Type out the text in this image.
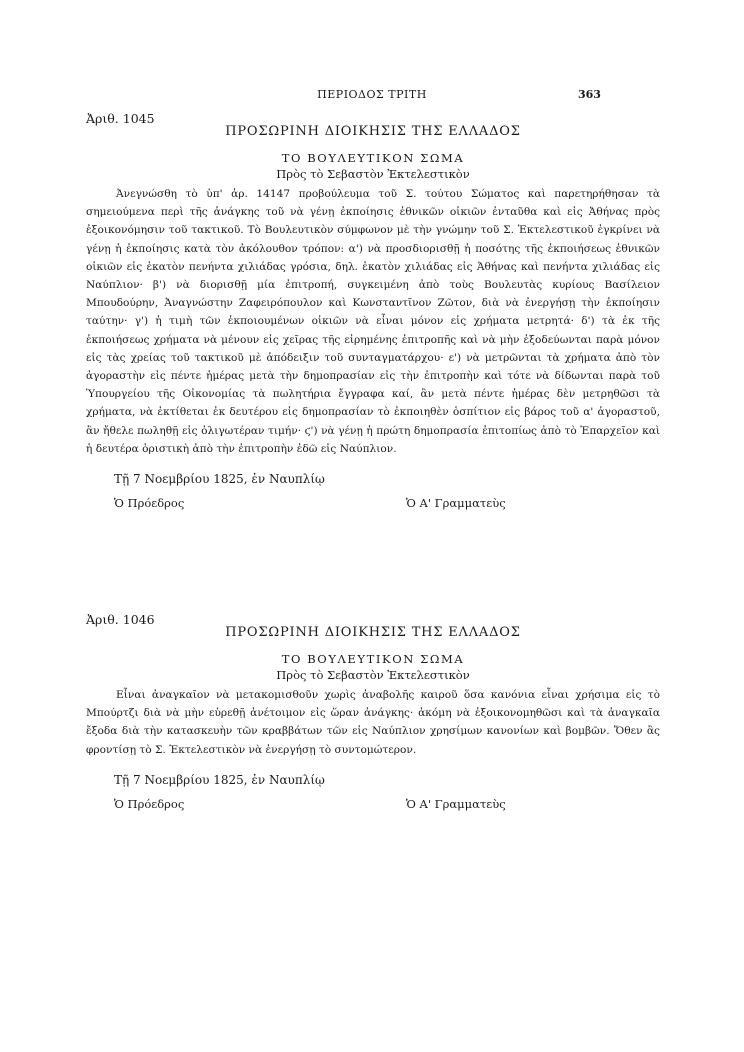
ΠΕΡΙΟΔΟΣ ΤΡΙΤΗ	363
Ἀριθ. 1045
ΠΡΟΣΩΡΙΝΗ ΔΙΟΙΚΗΣΙΣ ΤΗΣ ΕΛΛΑΔΟΣ
ΤΟ ΒΟΥΛΕΥΤΙΚΟΝ ΣΩΜΑ
Πρὸς τὸ Σεβαστὸν Ἐκτελεστικὸν
Ἀνεγνώσθη τὸ ὑπ' ἀρ. 14147 προβούλευμα τοῦ Σ. τούτου Σώματος καὶ παρετηρήθησαν τὰ σημειούμενα περὶ τῆς ἀνάγκης τοῦ νὰ γένῃ ἐκποίησις ἐθνικῶν οἰκιῶν ἐνταῦθα καὶ εἰς Ἀθήνας πρὸς ἐξοικονόμησιν τοῦ τακτικοῦ. Τὸ Βουλευτικὸν σύμφωνον μὲ τὴν γνώμην τοῦ Σ. Ἐκτελεστικοῦ ἐγκρίνει νὰ γένῃ ἡ ἐκποίησις κατὰ τὸν ἀκόλουθον τρόπον: α') νὰ προσδιορισθῇ ἡ ποσότης τῆς ἐκποιήσεως ἐθνικῶν οἰκιῶν εἰς ἑκατὸν πενήντα χιλιάδας γρόσια, δηλ. ἑκατὸν χιλιάδας εἰς Ἀθήνας καὶ πενήντα χιλιάδας εἰς Ναύπλιον· β') νὰ διορισθῇ μία ἐπιτροπή, συγκειμένη ἀπὸ τοὺς Βουλευτὰς κυρίους Βασίλειον Μπουδούρην, Ἀναγνώστην Ζαφειρόπουλον καὶ Κωνσταντῖνον Ζῶτον, διὰ νὰ ἐνεργήσῃ τὴν ἐκποίησιν ταύτην· γ') ἡ τιμὴ τῶν ἐκποιουμένων οἰκιῶν νὰ εἶναι μόνον εἰς χρήματα μετρητά· δ') τὰ ἐκ τῆς ἐκποιήσεως χρήματα νὰ μένουν εἰς χεῖρας τῆς εἰρημένης ἐπιτροπῆς καὶ νὰ μὴν ἐξοδεύωνται παρὰ μόνον εἰς τὰς χρείας τοῦ τακτικοῦ μὲ ἀπόδειξιν τοῦ συνταγματάρχου· ε') νὰ μετρῶνται τὰ χρήματα ἀπὸ τὸν ἀγοραστὴν εἰς πέντε ἡμέρας μετὰ τὴν δημοπρασίαν εἰς τὴν ἐπιτροπὴν καὶ τότε νὰ δίδωνται παρὰ τοῦ Ὑπουργείου τῆς Οἰκονομίας τὰ πωλητήρια ἔγγραφα καί, ἂν μετὰ πέντε ἡμέρας δὲν μετρηθῶσι τὰ χρήματα, νὰ ἐκτίθεται ἐκ δευτέρου εἰς δημοπρασίαν τὸ ἐκποιηθὲν ὁσπίτιον εἰς βάρος τοῦ α' ἀγοραστοῦ, ἂν ἤθελε πωληθῇ εἰς ὀλιγωτέραν τιμήν· ϛ') νὰ γένῃ ἡ πρώτη δημοπρασία ἐπιτοπίως ἀπὸ τὸ Ἐπαρχεῖον καὶ ἡ δευτέρα ὁριστικὴ ἀπὸ τὴν ἐπιτροπὴν ἐδῶ εἰς Ναύπλιον.
Τῇ 7 Νοεμβρίου 1825, ἐν Ναυπλίῳ
Ὁ Πρόεδρος	Ὁ Α' Γραμματεὺς
Ἀριθ. 1046
ΠΡΟΣΩΡΙΝΗ ΔΙΟΙΚΗΣΙΣ ΤΗΣ ΕΛΛΑΔΟΣ
ΤΟ ΒΟΥΛΕΥΤΙΚΟΝ ΣΩΜΑ
Πρὸς τὸ Σεβαστὸν Ἐκτελεστικὸν
Εἶναι ἀναγκαῖον νὰ μετακομισθοῦν χωρὶς ἀναβολῆς καιροῦ ὅσα κανόνια εἶναι χρήσιμα εἰς τὸ Μπούρτζι διὰ νὰ μὴν εὑρεθῇ ἀνέτοιμον εἰς ὥραν ἀνάγκης· ἀκόμη νὰ ἐξοικονομηθῶσι καὶ τὰ ἀναγκαῖα ἔξοδα διὰ τὴν κατασκευὴν τῶν κραββάτων τῶν εἰς Ναύπλιον χρησίμων κανονίων καὶ βομβῶν. Ὅθεν ἂς φροντίσῃ τὸ Σ. Ἐκτελεστικὸν νὰ ἐνεργήσῃ τὸ συντομώτερον.
Τῇ 7 Νοεμβρίου 1825, ἐν Ναυπλίῳ
Ὁ Πρόεδρος	Ὁ Α' Γραμματεὺς
